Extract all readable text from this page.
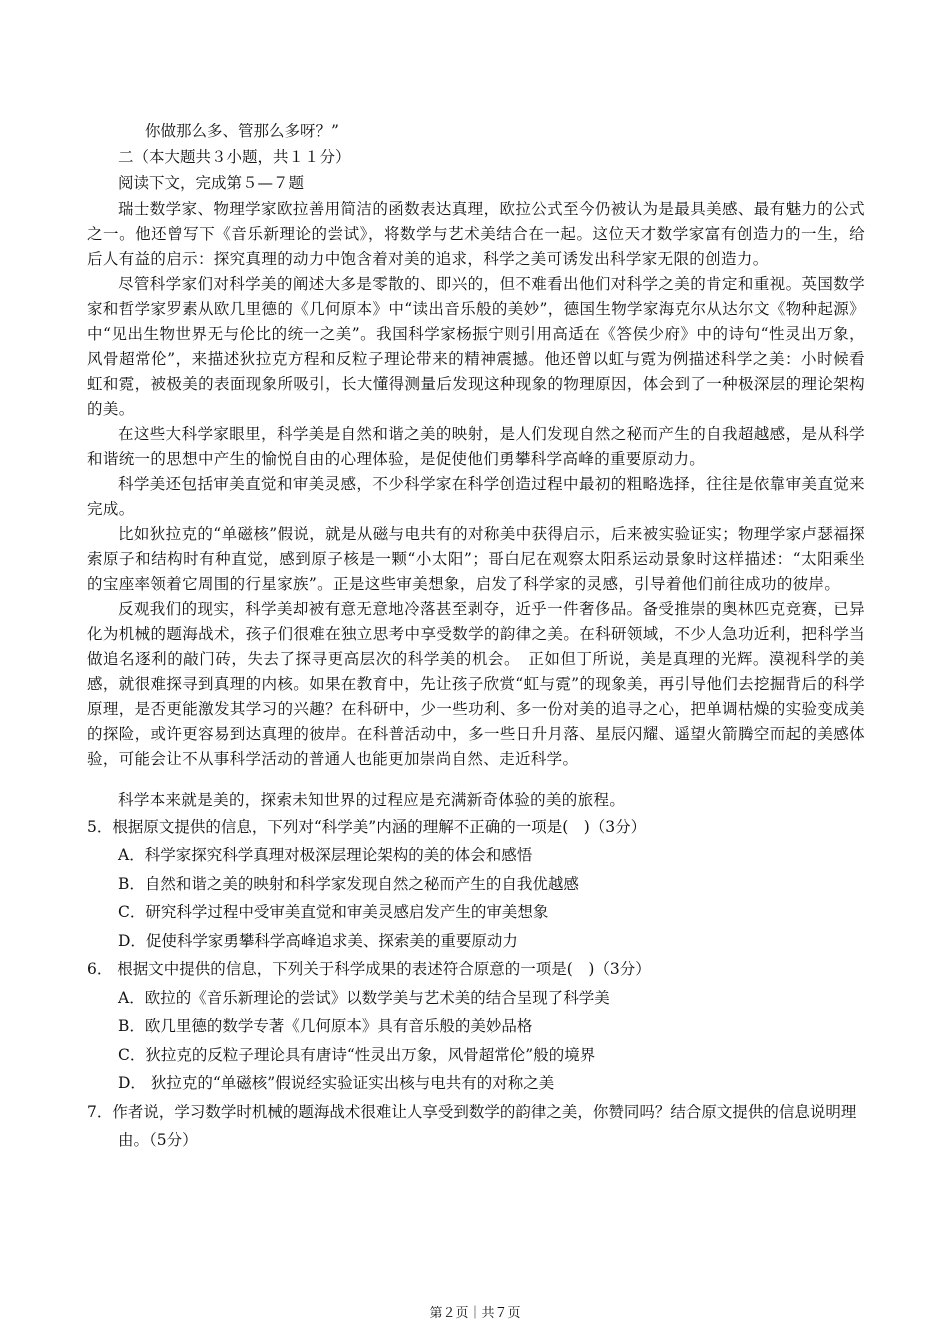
你做那么多、管那么多呀？”

二（本大题共３小题，共１１分）

阅读下文，完成第５—７题

瑞士数学家、物理学家欧拉善用简洁的函数表达真理，欧拉公式至今仍被认为是最具美感、最有魅力的公式之一。他还曾写下《音乐新理论的尝试》，将数学与艺术美结合在一起。这位天才数学家富有创造力的一生，给后人有益的启示：探究真理的动力中饱含着对美的追求，科学之美可诱发出科学家无限的创造力。

尽管科学家们对科学美的阐述大多是零散的、即兴的，但不难看出他们对科学之美的肯定和重视。英国数学家和哲学家罗素从欧几里德的《几何原本》中“读出音乐般的美妙”，德国生物学家海克尔从达尔文《物种起源》中“见出生物世界无与伦比的统一之美”。我国科学家杨振宁则引用高适在《答侯少府》中的诗句“性灵出万象，风骨超常伦”，来描述狄拉克方程和反粒子理论带来的精神震撼。他还曾以虹与霓为例描述科学之美：小时候看虹和霓，被极美的表面现象所吸引，长大懂得测量后发现这种现象的物理原因，体会到了一种极深层的理论架构的美。

在这些大科学家眼里，科学美是自然和谐之美的映射，是人们发现自然之秘而产生的自我超越感，是从科学和谐统一的思想中产生的愉悦自由的心理体验，是促使他们勇攀科学高峰的重要原动力。

科学美还包括审美直觉和审美灵感，不少科学家在科学创造过程中最初的粗略选择，往往是依靠审美直觉来完成。

比如狄拉克的“单磁核”假说，就是从磁与电共有的对称美中获得启示，后来被实验证实；物理学家卢瑟福探索原子和结构时有种直觉，感到原子核是一颗“小太阳”；哥白尼在观察太阳系运动景象时这样描述：“太阳乘坐的宝座率领着它周围的行星家族”。正是这些审美想象，启发了科学家的灵感，引导着他们前往成功的彼岸。

反观我们的现实，科学美却被有意无意地冷落甚至剥夺，近乎一件奢侈品。备受推崇的奥林匹克竞赛，已异化为机械的题海战术，孩子们很难在独立思考中享受数学的韵律之美。在科研领域，不少人急功近利，把科学当做追名逐利的敲门砖，失去了探寻更高层次的科学美的机会。　正如但丁所说，美是真理的光辉。漠视科学的美感，就很难探寻到真理的内核。如果在教育中，先让孩子欣赏“虹与霓”的现象美，再引导他们去挖掘背后的科学原理，是否更能激发其学习的兴趣？在科研中，少一些功利、多一份对美的追寻之心，把单调枯燥的实验变成美的探险，或许更容易到达真理的彼岸。在科普活动中，多一些日升月落、星辰闪耀、遥望火箭腾空而起的美感体验，可能会让不从事科学活动的普通人也能更加崇尚自然、走近科学。

科学本来就是美的，探索未知世界的过程应是充满新奇体验的美的旅程。

5．根据原文提供的信息，下列对“科学美”内涵的理解不正确的一项是(　)（3分）

A．科学家探究科学真理对极深层理论架构的美的体会和感悟

B．自然和谐之美的映射和科学家发现自然之秘而产生的自我优越感

C．研究科学过程中受审美直觉和审美灵感启发产生的审美想象

D．促使科学家勇攀科学高峰追求美、探索美的重要原动力

6． 根据文中提供的信息，下列关于科学成果的表述符合原意的一项是(　)（3分）

A．欧拉的《音乐新理论的尝试》以数学美与艺术美的结合呈现了科学美

B．欧几里德的数学专著《几何原本》具有音乐般的美妙品格

C．狄拉克的反粒子理论具有唐诗“性灵出万象，风骨超常伦”般的境界

D． 狄拉克的“单磁核”假说经实验证实出核与电共有的对称之美

7．作者说，学习数学时机械的题海战术很难让人享受到数学的韵律之美，你赞同吗？结合原文提供的信息说明理由。（5分）

第２页｜共７页
